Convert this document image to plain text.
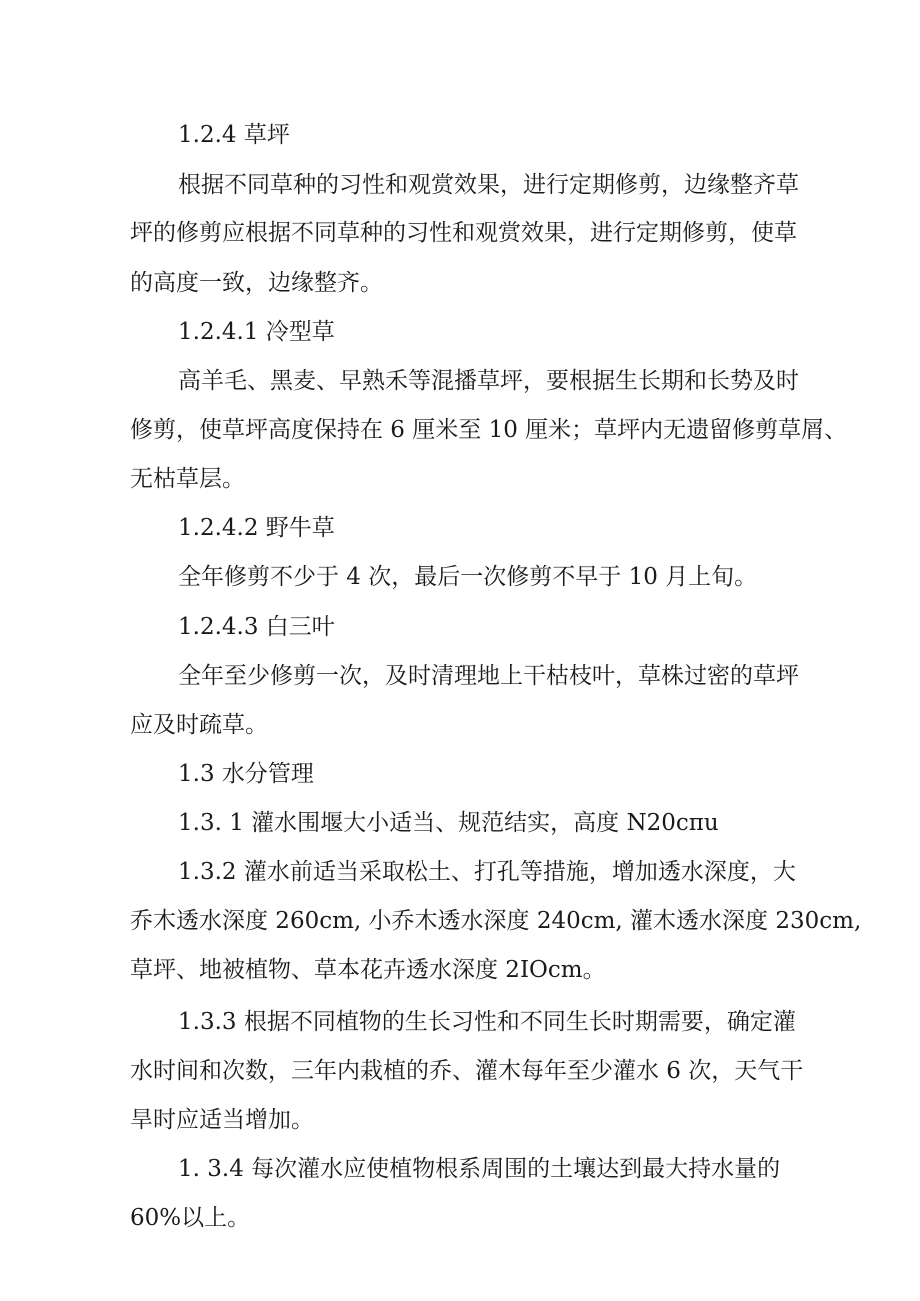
1.2.4 草坪
根据不同草种的习性和观赏效果，进行定期修剪，边缘整齐草
坪的修剪应根据不同草种的习性和观赏效果，进行定期修剪，使草
的高度一致，边缘整齐。
1.2.4.1 冷型草
高羊毛、黑麦、早熟禾等混播草坪，要根据生长期和长势及时
修剪，使草坪高度保持在 6 厘米至 10 厘米；草坪内无遗留修剪草屑、
无枯草层。
1.2.4.2 野牛草
全年修剪不少于 4 次，最后一次修剪不早于 10 月上旬。
1.2.4.3 白三叶
全年至少修剪一次，及时清理地上干枯枝叶，草株过密的草坪
应及时疏草。
1.3 水分管理
1.3. 1 灌水围堰大小适当、规范结实，高度 N20cπu
1.3.2 灌水前适当采取松土、打孔等措施，增加透水深度，大
乔木透水深度 260cm, 小乔木透水深度 240cm, 灌木透水深度 230cm,
草坪、地被植物、草本花卉透水深度 2IOcm。
1.3.3 根据不同植物的生长习性和不同生长时期需要，确定灌
水时间和次数，三年内栽植的乔、灌木每年至少灌水 6 次，天气干
旱时应适当增加。
1. 3.4 每次灌水应使植物根系周围的土壤达到最大持水量的
60%以上。
